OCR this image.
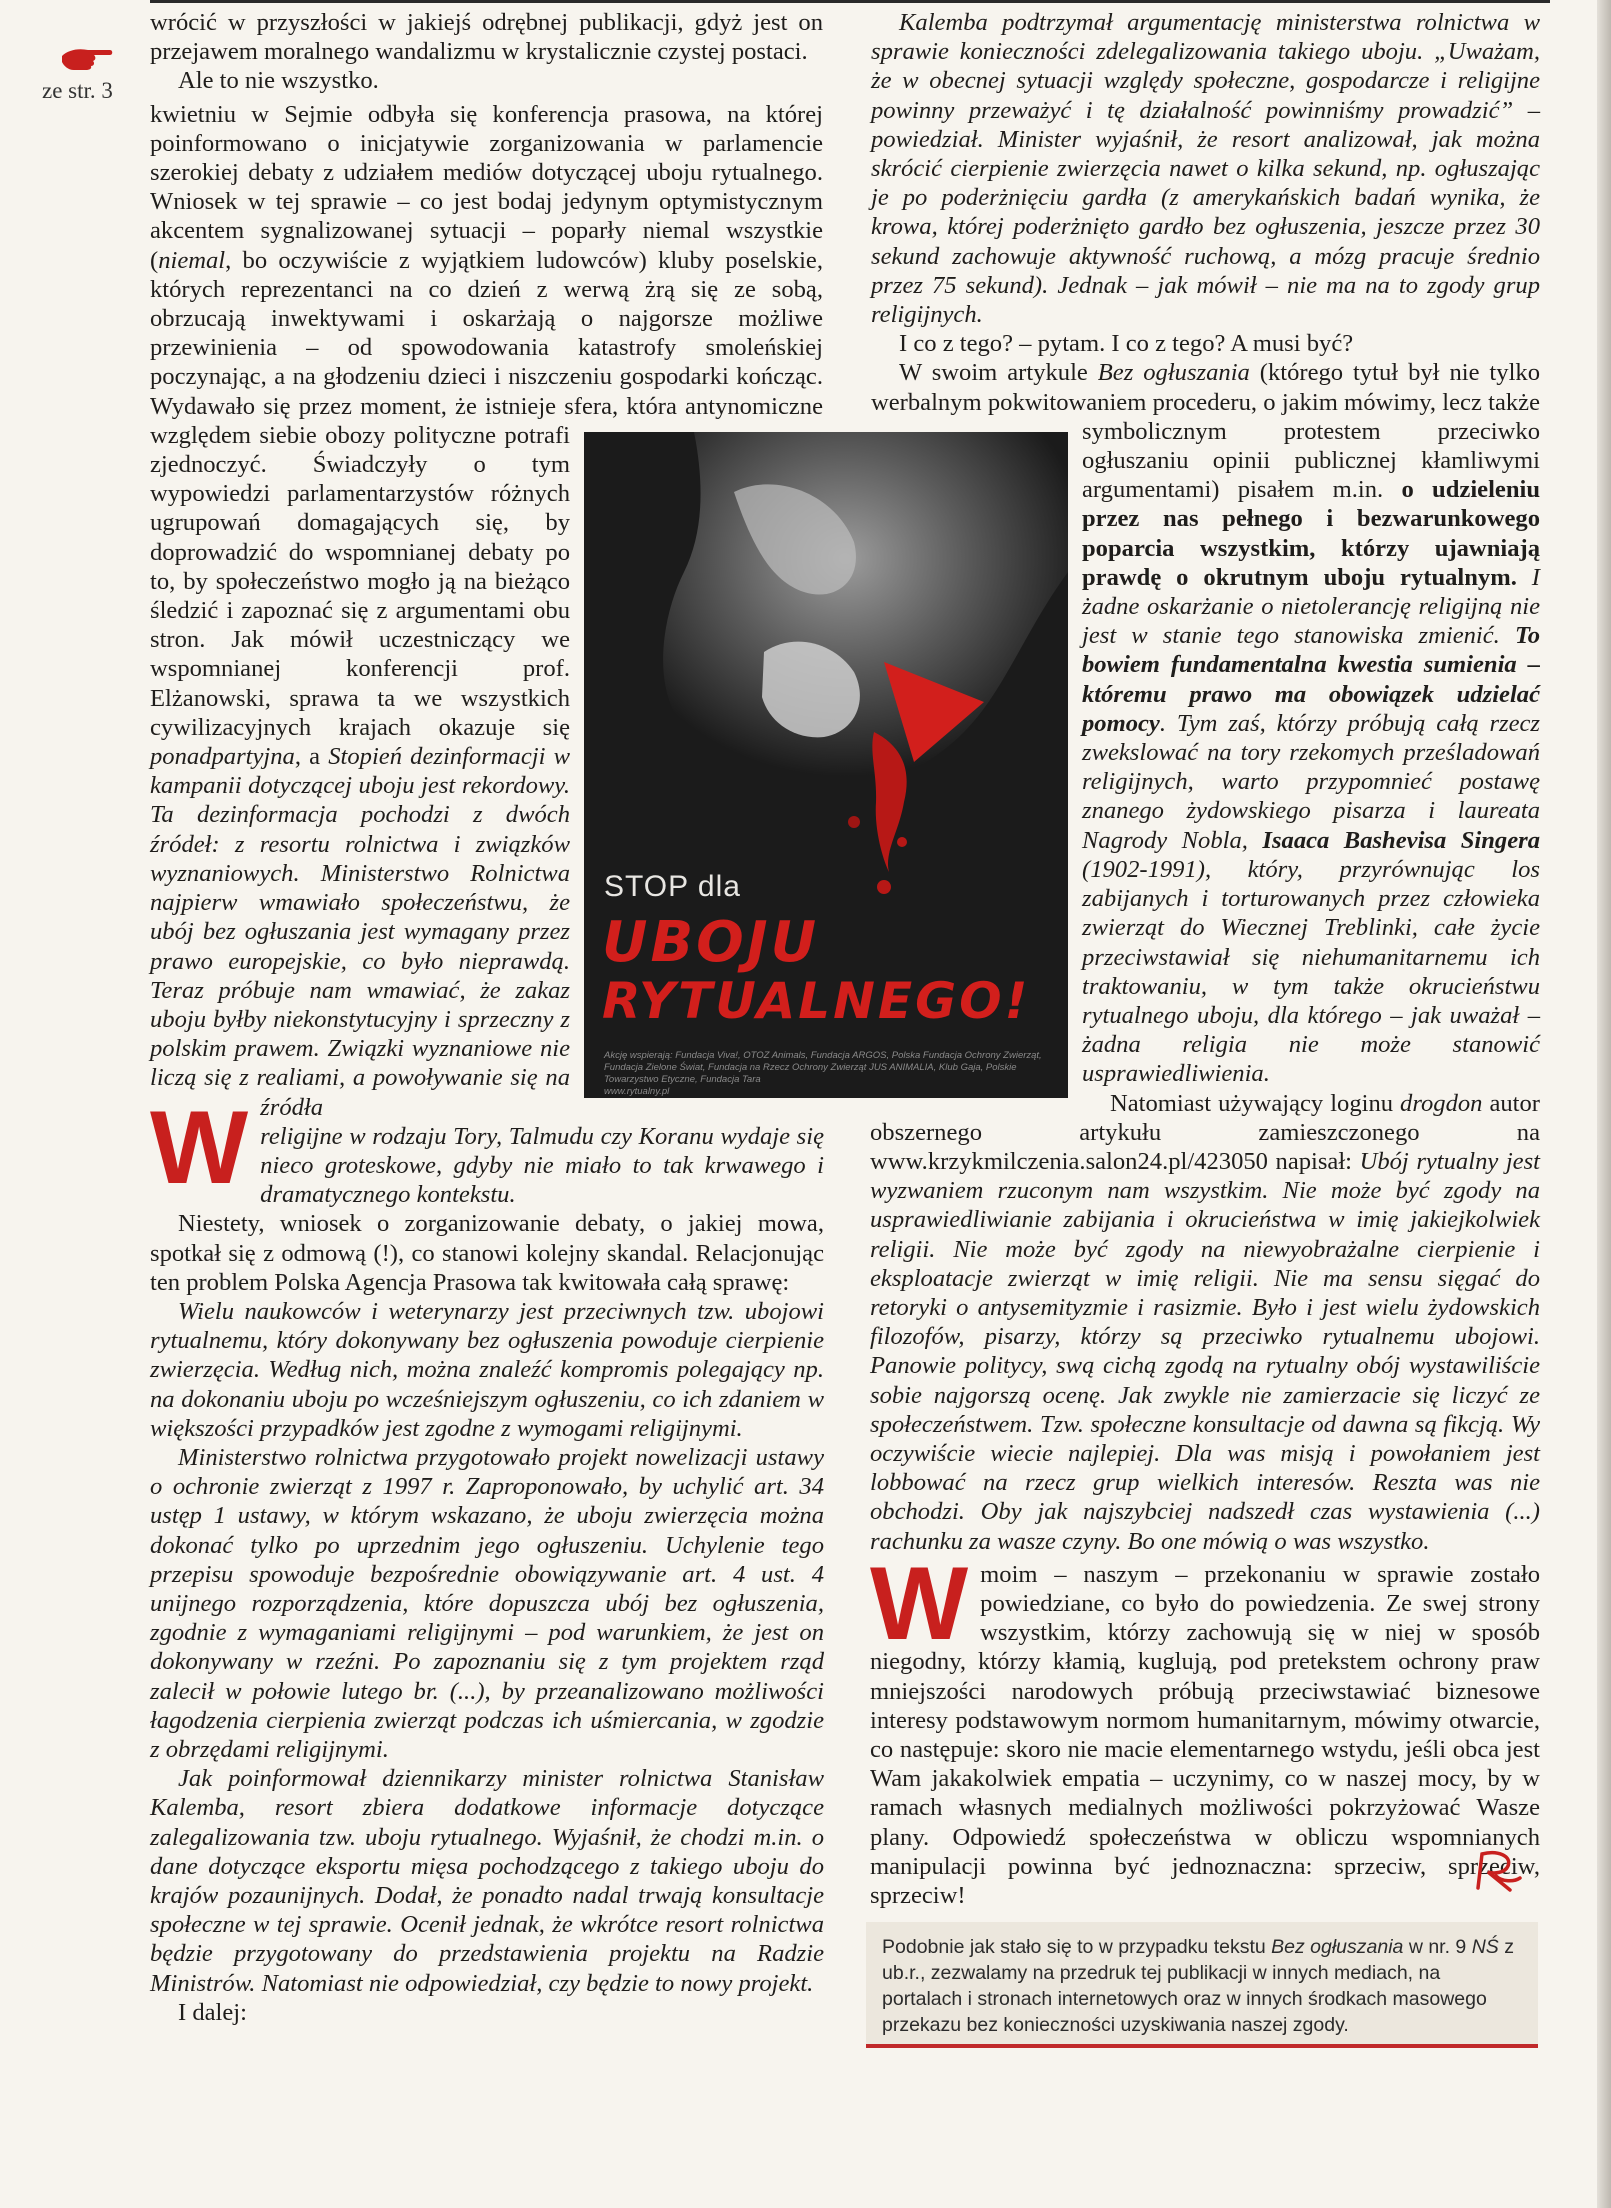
ze str. 3
STOP dla
UBOJU
RYTUALNEGO!
Akcję wspierają: Fundacja Viva!, OTOZ Animals, Fundacja ARGOS, Polska Fundacja Ochrony Zwierząt, Fundacja Zielone Świat, Fundacja na Rzecz Ochrony Zwierząt JUS ANIMALIA, Klub Gaja, Polskie Towarzystwo Etyczne, Fundacja Tara
www.rytualny.pl

wrócić w przyszłości w jakiejś odrębnej publikacji, gdyż jest on przejawem moralnego wandalizmu w krystalicznie czystej postaci.

Ale to nie wszystko.

W
kwietniu w Sejmie odbyła się konferencja prasowa, na której poinformowano o inicjatywie zorganizowania w parlamencie szerokiej debaty z udziałem mediów dotyczącej uboju rytualnego. Wniosek w tej sprawie – co jest bodaj jedynym optymistycznym akcentem sygnalizowanej sytuacji – poparły niemal wszystkie (niemal, bo oczywiście z wyjątkiem ludowców) kluby poselskie, których reprezentanci na co dzień z werwą żrą się ze sobą, obrzucają inwektywami i oskarżają o najgorsze możliwe przewinienia – od spowodowania katastrofy smoleńskiej poczynając, a na głodzeniu dzieci i niszczeniu gospodarki kończąc. Wydawało się przez moment, że istnieje sfera, która antynomiczne względem siebie obozy polityczne potrafi zjednoczyć. Świadczyły o tym wypowiedzi parlamentarzystów różnych ugrupowań domagających się, by doprowadzić do wspomnianej debaty po to, by społeczeństwo mogło ją na bieżąco śledzić i zapoznać się z argumentami obu stron. Jak mówił uczestniczący we wspomnianej konferencji prof. Elżanowski, sprawa ta we wszystkich cywilizacyjnych krajach okazuje się ponadpartyjna, a Stopień dezinformacji w kampanii dotyczącej uboju jest rekordowy. Ta dezinformacja pochodzi z dwóch źródeł: z resortu rolnictwa i związków wyznaniowych. Ministerstwo Rolnictwa najpierw wmawiało społeczeństwu, że ubój bez ogłuszania jest wymagany przez prawo europejskie, co było nieprawdą. Teraz próbuje nam wmawiać, że zakaz uboju byłby niekonstytucyjny i sprzeczny z polskim prawem. Związki wyznaniowe nie liczą się z realiami, a powoływanie się na źródła religijne w rodzaju Tory, Talmudu czy Koranu wydaje się nieco groteskowe, gdyby nie miało to tak krwawego i dramatycznego kontekstu.

Niestety, wniosek o zorganizowanie debaty, o jakiej mowa, spotkał się z odmową (!), co stanowi kolejny skandal. Relacjonując ten problem Polska Agencja Prasowa tak kwitowała całą sprawę:

Wielu naukowców i weterynarzy jest przeciwnych tzw. ubojowi rytualnemu, który dokonywany bez ogłuszenia powoduje cierpienie zwierzęcia. Według nich, można znaleźć kompromis polegający np. na dokonaniu uboju po wcześniejszym ogłuszeniu, co ich zdaniem w większości przypadków jest zgodne z wymogami religijnymi.

Ministerstwo rolnictwa przygotowało projekt nowelizacji ustawy o ochronie zwierząt z 1997 r. Zaproponowało, by uchylić art. 34 ustęp 1 ustawy, w którym wskazano, że uboju zwierzęcia można dokonać tylko po uprzednim jego ogłuszeniu. Uchylenie tego przepisu spowoduje bezpośrednie obowiązywanie art. 4 ust. 4 unijnego rozporządzenia, które dopuszcza ubój bez ogłuszenia, zgodnie z wymaganiami religijnymi – pod warunkiem, że jest on dokonywany w rzeźni. Po zapoznaniu się z tym projektem rząd zalecił w połowie lutego br. (...), by przeanalizowano możliwości łagodzenia cierpienia zwierząt podczas ich uśmiercania, w zgodzie z obrzędami religijnymi.

Jak poinformował dziennikarzy minister rolnictwa Stanisław Kalemba, resort zbiera dodatkowe informacje dotyczące zalegalizowania tzw. uboju rytualnego. Wyjaśnił, że chodzi m.in. o dane dotyczące eksportu mięsa pochodzącego z takiego uboju do krajów pozaunijnych. Dodał, że ponadto nadal trwają konsultacje społeczne w tej sprawie. Ocenił jednak, że wkrótce resort rolnictwa będzie przygotowany do przedstawienia projektu na Radzie Ministrów. Natomiast nie odpowiedział, czy będzie to nowy projekt.

I dalej:

Kalemba podtrzymał argumentację ministerstwa rolnictwa w sprawie konieczności zdelegalizowania takiego uboju. „Uważam, że w obecnej sytuacji względy społeczne, gospodarcze i religijne powinny przeważyć i tę działalność powinniśmy prowadzić” – powiedział. Minister wyjaśnił, że resort analizował, jak można skrócić cierpienie zwierzęcia nawet o kilka sekund, np. ogłuszając je po poderżnięciu gardła (z amerykańskich badań wynika, że krowa, której poderżnięto gardło bez ogłuszenia, jeszcze przez 30 sekund zachowuje aktywność ruchową, a mózg pracuje średnio przez 75 sekund). Jednak – jak mówił – nie ma na to zgody grup religijnych.

I co z tego? – pytam. I co z tego? A musi być?

W swoim artykule Bez ogłuszania (którego tytuł był nie tylko werbalnym pokwitowaniem procederu, o jakim mówimy, lecz także symbolicznym protestem przeciwko ogłuszaniu opinii publicznej kłamliwymi argumentami) pisałem m.in. o udzieleniu przez nas pełnego i bezwarunkowego poparcia wszystkim, którzy ujawniają prawdę o okrutnym uboju rytualnym. I żadne oskarżanie o nietolerancję religijną nie jest w stanie tego stanowiska zmienić. To bowiem fundamentalna kwestia sumienia – któremu prawo ma obowiązek udzielać pomocy. Tym zaś, którzy próbują całą rzecz zwekslować na tory rzekomych prześladowań religijnych, warto przypomnieć postawę znanego żydowskiego pisarza i laureata Nagrody Nobla, Isaaca Bashevisa Singera (1902-1991), który, przyrównując los zabijanych i torturowanych przez człowieka zwierząt do Wiecznej Treblinki, całe życie przeciwstawiał się niehumanitarnemu ich traktowaniu, w tym także okrucieństwu rytualnego uboju, dla którego – jak uważał – żadna religia nie może stanowić usprawiedliwienia.

Natomiast używający loginu drogdon autor obszernego artykułu zamieszczonego na www.krzykmilczenia.salon24.pl/423050 napisał: Ubój rytualny jest wyzwaniem rzuconym nam wszystkim. Nie może być zgody na usprawiedliwianie zabijania i okrucieństwa w imię jakiejkolwiek religii. Nie może być zgody na niewyobrażalne cierpienie i eksploatacje zwierząt w imię religii. Nie ma sensu sięgać do retoryki o antysemityzmie i rasizmie. Było i jest wielu żydowskich filozofów, pisarzy, którzy są przeciwko rytualnemu ubojowi. Panowie politycy, swą cichą zgodą na rytualny obój wystawiliście sobie najgorszą ocenę. Jak zwykle nie zamierzacie się liczyć ze społeczeństwem. Tzw. społeczne konsultacje od dawna są fikcją. Wy oczywiście wiecie najlepiej. Dla was misją i powołaniem jest lobbować na rzecz grup wielkich interesów. Reszta was nie obchodzi. Oby jak najszybciej nadszedł czas wystawienia (...) rachunku za wasze czyny. Bo one mówią o was wszystko.

Wmoim – naszym – przekonaniu w sprawie zostało powiedziane, co było do powiedzenia. Ze swej strony wszystkim, którzy zachowują się w niej w sposób niegodny, którzy kłamią, kuglują, pod pretekstem ochrony praw mniejszości narodowych próbują przeciwstawiać biznesowe interesy podstawowym normom humanitarnym, mówimy otwarcie, co następuje: skoro nie macie elementarnego wstydu, jeśli obca jest Wam jakakolwiek empatia – uczynimy, co w naszej mocy, by w ramach własnych medialnych możliwości pokrzyżować Wasze plany. Odpowiedź społeczeństwa w obliczu wspomnianych manipulacji powinna być jednoznaczna: sprzeciw, sprzeciw, sprzeciw!

Podobnie jak stało się to w przypadku tekstu Bez ogłuszania w nr. 9 NŚ z ub.r., zezwalamy na przedruk tej publikacji w innych mediach, na portalach i stronach internetowych oraz w innych środkach masowego przekazu bez konieczności uzyskiwania naszej zgody.
